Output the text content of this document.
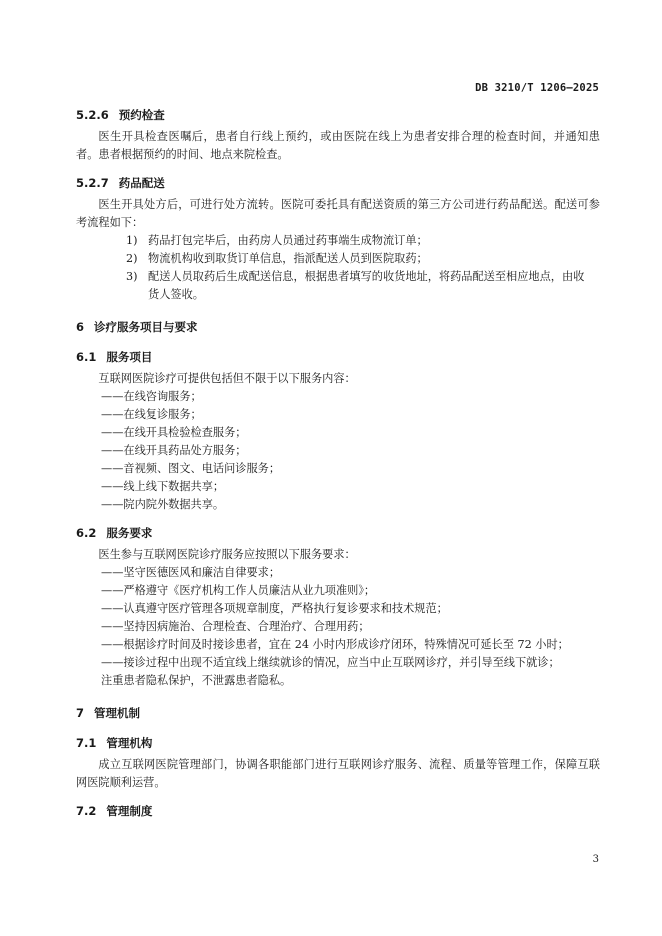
DB 3210/T 1206—2025
5.2.6 预约检查

医生开具检查医嘱后，患者自行线上预约，或由医院在线上为患者安排合理的检查时间，并通知患者。患者根据预约的时间、地点来院检查。

5.2.7 药品配送

医生开具处方后，可进行处方流转。医院可委托具有配送资质的第三方公司进行药品配送。配送可参考流程如下：

1) 药品打包完毕后，由药房人员通过药事端生成物流订单；

2) 物流机构收到取货订单信息，指派配送人员到医院取药；

3) 配送人员取药后生成配送信息，根据患者填写的收货地址，将药品配送至相应地点，由收货人签收。

6 诊疗服务项目与要求
6.1 服务项目

互联网医院诊疗可提供包括但不限于以下服务内容：

——在线咨询服务；

——在线复诊服务；

——在线开具检验检查服务；

——在线开具药品处方服务；

——音视频、图文、电话问诊服务；

——线上线下数据共享；

——院内院外数据共享。

6.2 服务要求

医生参与互联网医院诊疗服务应按照以下服务要求：

——坚守医德医风和廉洁自律要求；

——严格遵守《医疗机构工作人员廉洁从业九项准则》；

——认真遵守医疗管理各项规章制度，严格执行复诊要求和技术规范；

——坚持因病施治、合理检查、合理治疗、合理用药；

——根据诊疗时间及时接诊患者，宜在 24 小时内形成诊疗闭环，特殊情况可延长至 72 小时；

——接诊过程中出现不适宜线上继续就诊的情况，应当中止互联网诊疗，并引导至线下就诊；

注重患者隐私保护，不泄露患者隐私。

7 管理机制
7.1 管理机构

成立互联网医院管理部门，协调各职能部门进行互联网诊疗服务、流程、质量等管理工作，保障互联网医院顺利运营。

7.2 管理制度
3
